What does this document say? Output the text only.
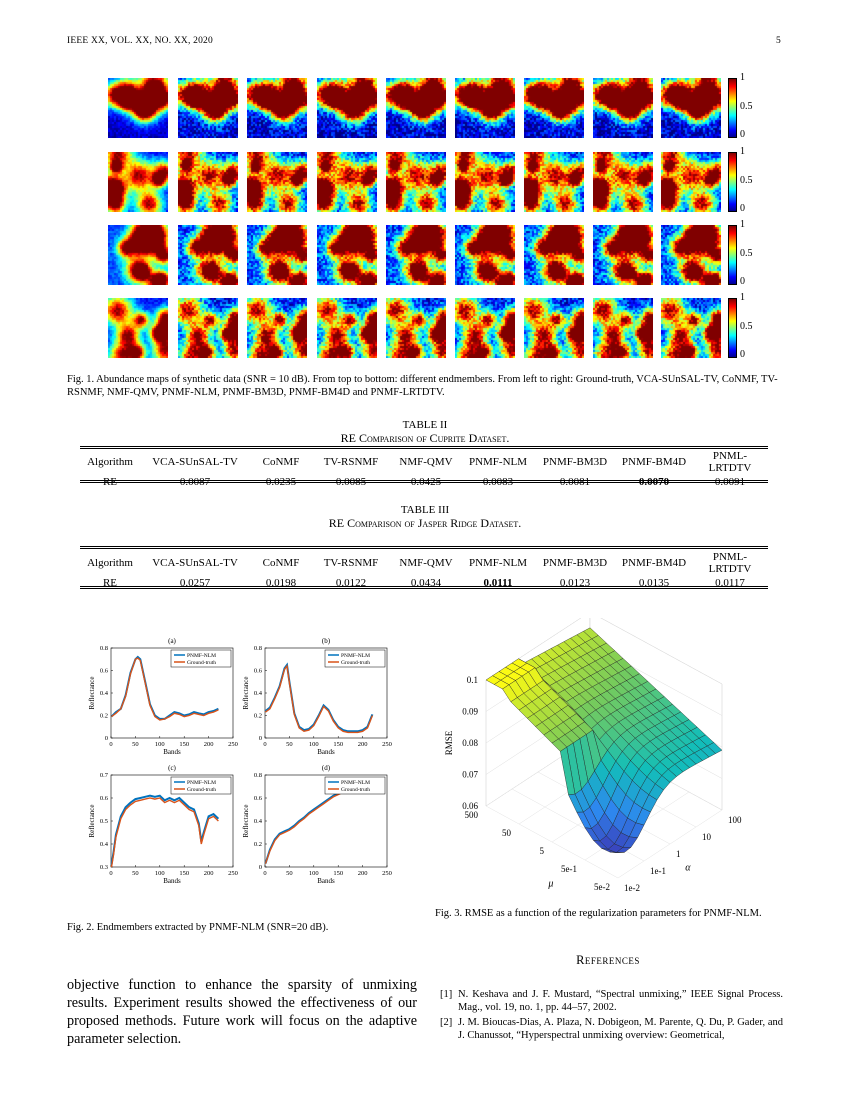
IEEE XX, VOL. XX, NO. XX, 2020	5
1
0.5
0
1
0.5
0
1
0.5
0
1
0.5
0
Fig. 1. Abundance maps of synthetic data (SNR = 10 dB). From top to bottom: different endmembers. From left to right: Ground-truth, VCA-SUnSAL-TV, CoNMF, TV-RSNMF, NMF-QMV, PNMF-NLM, PNMF-BM3D, PNMF-BM4D and PNMF-LRTDTV.
TABLE II
RE Comparison of Cuprite Dataset.
Algorithm	VCA-SUnSAL-TV	CoNMF	TV-RSNMF	NMF-QMV	PNMF-NLM	PNMF-BM3D	PNMF-BM4D	PNML-LRTDTV
RE	0.0087	0.0235	0.0085	0.0425	0.0083	0.0081	0.0070	0.0091
TABLE III
RE Comparison of Jasper Ridge Dataset.
Algorithm	VCA-SUnSAL-TV	CoNMF	TV-RSNMF	NMF-QMV	PNMF-NLM	PNMF-BM3D	PNMF-BM4D	PNML-LRTDTV
RE	0.0257	0.0198	0.0122	0.0434	0.0111	0.0123	0.0135	0.0117
(a)
0	50	100 150 200 250
0
0.2
0.4
0.6
0.8
Bands
Reflectance
PNMF-NLM
Ground-truth
(b)
0	50	100 150 200 250
0
0.2
0.4
0.6
0.8
Bands
Reflectance
PNMF-NLM
Ground-truth
(c)
0	50	100 150 200 250
0.3
0.4
0.5
0.6
0.7
Bands
Reflectance
PNMF-NLM
Ground-truth
(d)
0	50	100 150 200 250
0
0.2
0.4
0.6
0.8
Bands
Reflectance
PNMF-NLM
Ground-truth
Fig. 2. Endmembers extracted by PNMF-NLM (SNR=20 dB).
0.1
0.09
0.08
0.07
0.06
RMSE
500
50
5
5e-1
5e-2
μ	1e-2
1e-1
1
10
100
α
Fig. 3. RMSE as a function of the regularization parameters for PNMF-NLM.
objective function to enhance the sparsity of unmixing results. Experiment results showed the effectiveness of our proposed methods. Future work will focus on the adaptive parameter selection.
References
[1] N. Keshava and J. F. Mustard, “Spectral unmixing,” IEEE Signal Process. Mag., vol. 19, no. 1, pp. 44–57, 2002.
[2] J. M. Bioucas-Dias, A. Plaza, N. Dobigeon, M. Parente, Q. Du, P. Gader, and J. Chanussot, “Hyperspectral unmixing overview: Geometrical,
